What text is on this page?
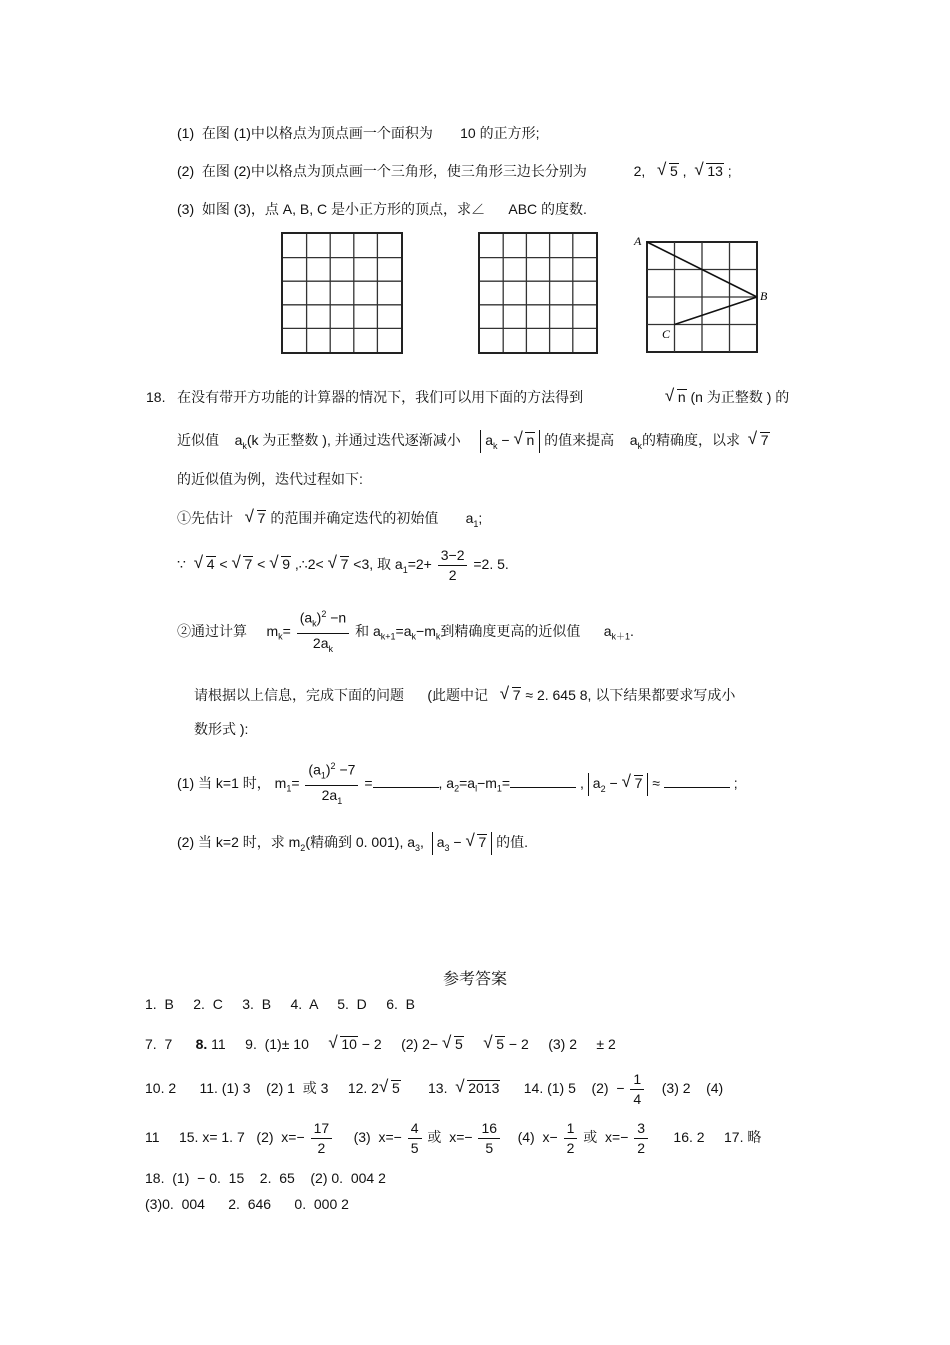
(1) 在图 (1)中以格点为顶点画一个面积为 10 的正方形;
(2) 在图 (2)中以格点为顶点画一个三角形，使三角形三边长分别为	2, √ 5 , √ 13 ;
(3) 如图 (3)，点 A, B, C 是小正方形的顶点，求∠ ABC 的度数.
A
B
C
18. 在没有带开方功能的计算器的情况下，我们可以用下面的方法得到	√ n (n 为正整数 ) 的
近似值 $a_k(k$ 为正整数 ), 并通过迭代逐渐减小 $a_k$ − √ n 的值来提高 $a_k$的精确度，以求 √ 7
的近似值为例，迭代过程如下:
①先估计 √ 7 的范围并确定迭代的初始值 $a_1$;
∵ √ 4 < √ 7 < √ 9 ,∴2< √ 7 <3, 取 $a_1=2+ \frac{3-2}{2} =2$. 5.
②通过计算 $m_k= \frac{(a_k)^2 -n}{2a_k}$ 和 $a_{k+1}=a_k-m_k$到精确度更高的近似值 $a_{k+1}$.
请根据以上信息，完成下面的问题 (此题中记 √ 7 ≈ 2. 645 8, 以下结果都要求写成小
数形式 ):
(1) 当 k=1 时， $m_1= \frac{(a_1)^2 -7}{2a_1}$ =	, $a_2=a_l-m_1=$	, $a_2$ − √ 7 ≈	;
(2) 当 k=2 时，求 $m_2$(精确到 0. 001), $a_3$, $a_3$ − √ 7 的值.
参考答案
1.  B     2.  C     3.  B     4.  A     5.  D     6.  B
7.  7 8. 11     9.  (1)± 10 √ 10 − 2     (2) 2− √ 5 √ 5 − 2     (3) 2     ± 2
10. 2      11. (1) 3    (2) 1  或 3     12. 2 √ 5 13. √ 2013 14. (1) 5    $(2) - \frac{1}{4} (3)$ 2    (4)
11     15. x= 1. 7   (2)  $x=- \frac{17}{2} (3)$  $x=- \frac{4}{5}$ 或  $x=- \frac{16}{5} (4)$  $x- \frac{1}{2}$ 或  $x=- \frac{3}{2} 16$. 2     17. 略
18.  (1)  − 0.  15    2.  65    (2) 0.  004 2
(3)0.  004      2.  646      0.  000 2
